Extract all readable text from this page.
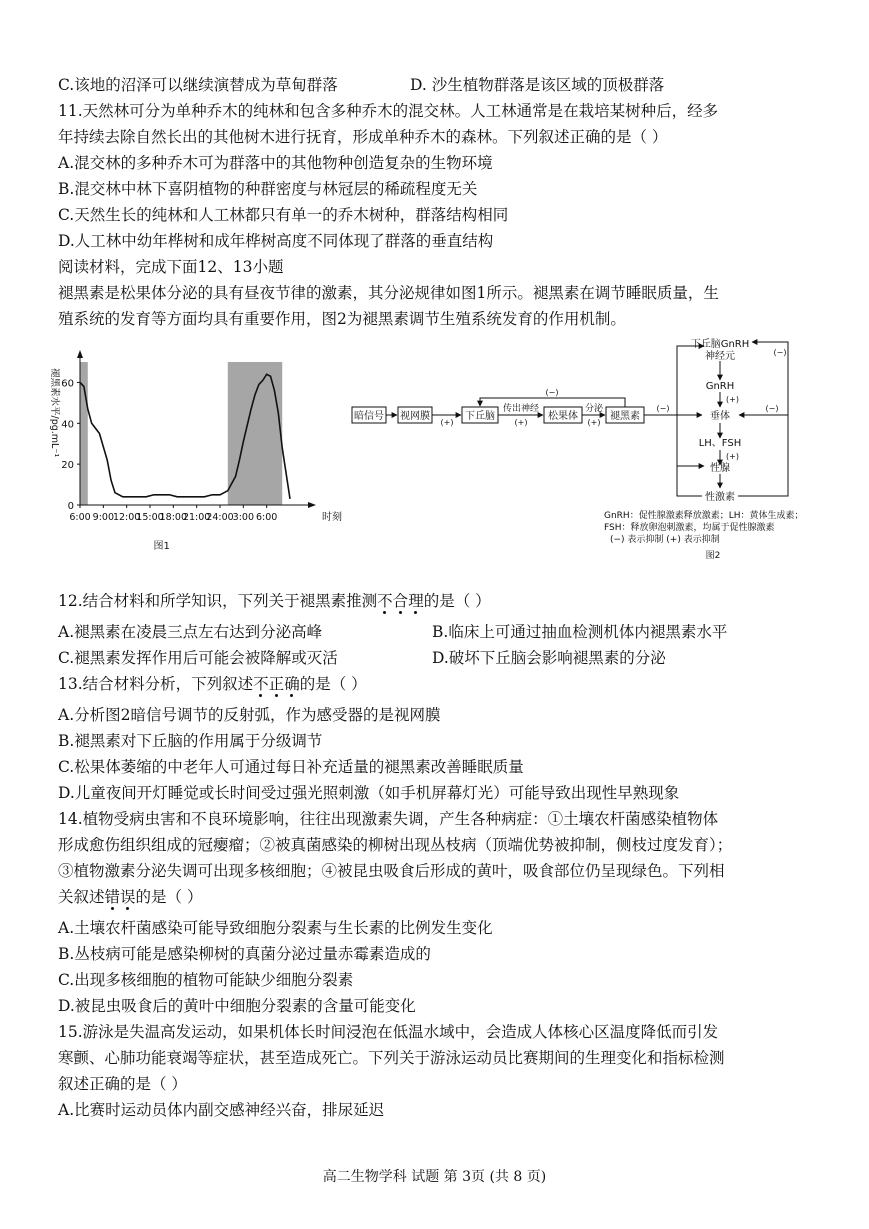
C.该地的沼泽可以继续演替成为草甸群落	D. 沙生植物群落是该区域的顶极群落
11.天然林可分为单种乔木的纯林和包含多种乔木的混交林。人工林通常是在栽培某树种后，经多
年持续去除自然长出的其他树木进行抚育，形成单种乔木的森林。下列叙述正确的是（ ）
A.混交林的多种乔木可为群落中的其他物种创造复杂的生物环境
B.混交林中林下喜阴植物的种群密度与林冠层的稀疏程度无关
C.天然生长的纯林和人工林都只有单一的乔木树种，群落结构相同
D.人工林中幼年桦树和成年桦树高度不同体现了群落的垂直结构
阅读材料，完成下面12、13小题
褪黑素是松果体分泌的具有昼夜节律的激素，其分泌规律如图1所示。褪黑素在调节睡眠质量，生
殖系统的发育等方面均具有重要作用，图2为褪黑素调节生殖系统发育的作用机制。
0
20
40
60
6:00 9:00
12:00
15:00
18:00
21:00
24:00
3:00 6:00	时刻
褪黑素水平/pg.mL⁻¹
图1
暗信号 视网膜	下丘脑
传出神经
松果体
分泌
褪黑素
(+)	(+)	(+)
(−)
(−)
下丘脑GnRH
神经元	(−)
GnRH
(+)
垂体
(−)
LH、FSH
(+)
性腺
性激素
GnRH：促性腺激素释放激素；LH：黄体生成素；
FSH：释放卵泡刺激素，均属于促性腺激素
(−) 表示抑制 (+) 表示抑制
图2
12.结合材料和所学知识，下列关于褪黑素推测不合理的是（ ）
A.褪黑素在凌晨三点左右达到分泌高峰	B.临床上可通过抽血检测机体内褪黑素水平
C.褪黑素发挥作用后可能会被降解或灭活	D.破坏下丘脑会影响褪黑素的分泌
13.结合材料分析，下列叙述不正确的是（ ）
A.分析图2暗信号调节的反射弧，作为感受器的是视网膜
B.褪黑素对下丘脑的作用属于分级调节
C.松果体萎缩的中老年人可通过每日补充适量的褪黑素改善睡眠质量
D.儿童夜间开灯睡觉或长时间受过强光照刺激（如手机屏幕灯光）可能导致出现性早熟现象
14.植物受病虫害和不良环境影响，往往出现激素失调，产生各种病症：①土壤农杆菌感染植物体
形成愈伤组织组成的冠瘿瘤；②被真菌感染的柳树出现丛枝病（顶端优势被抑制，侧枝过度发育）；
③植物激素分泌失调可出现多核细胞；④被昆虫吸食后形成的黄叶，吸食部位仍呈现绿色。下列相
关叙述错误的是（ ）
A.土壤农杆菌感染可能导致细胞分裂素与生长素的比例发生变化
B.丛枝病可能是感染柳树的真菌分泌过量赤霉素造成的
C.出现多核细胞的植物可能缺少细胞分裂素
D.被昆虫吸食后的黄叶中细胞分裂素的含量可能变化
15.游泳是失温高发运动，如果机体长时间浸泡在低温水域中，会造成人体核心区温度降低而引发
寒颤、心肺功能衰竭等症状，甚至造成死亡。下列关于游泳运动员比赛期间的生理变化和指标检测
叙述正确的是（ ）
A.比赛时运动员体内副交感神经兴奋，排尿延迟
高二生物学科 试题 第 3页 (共 8 页)
